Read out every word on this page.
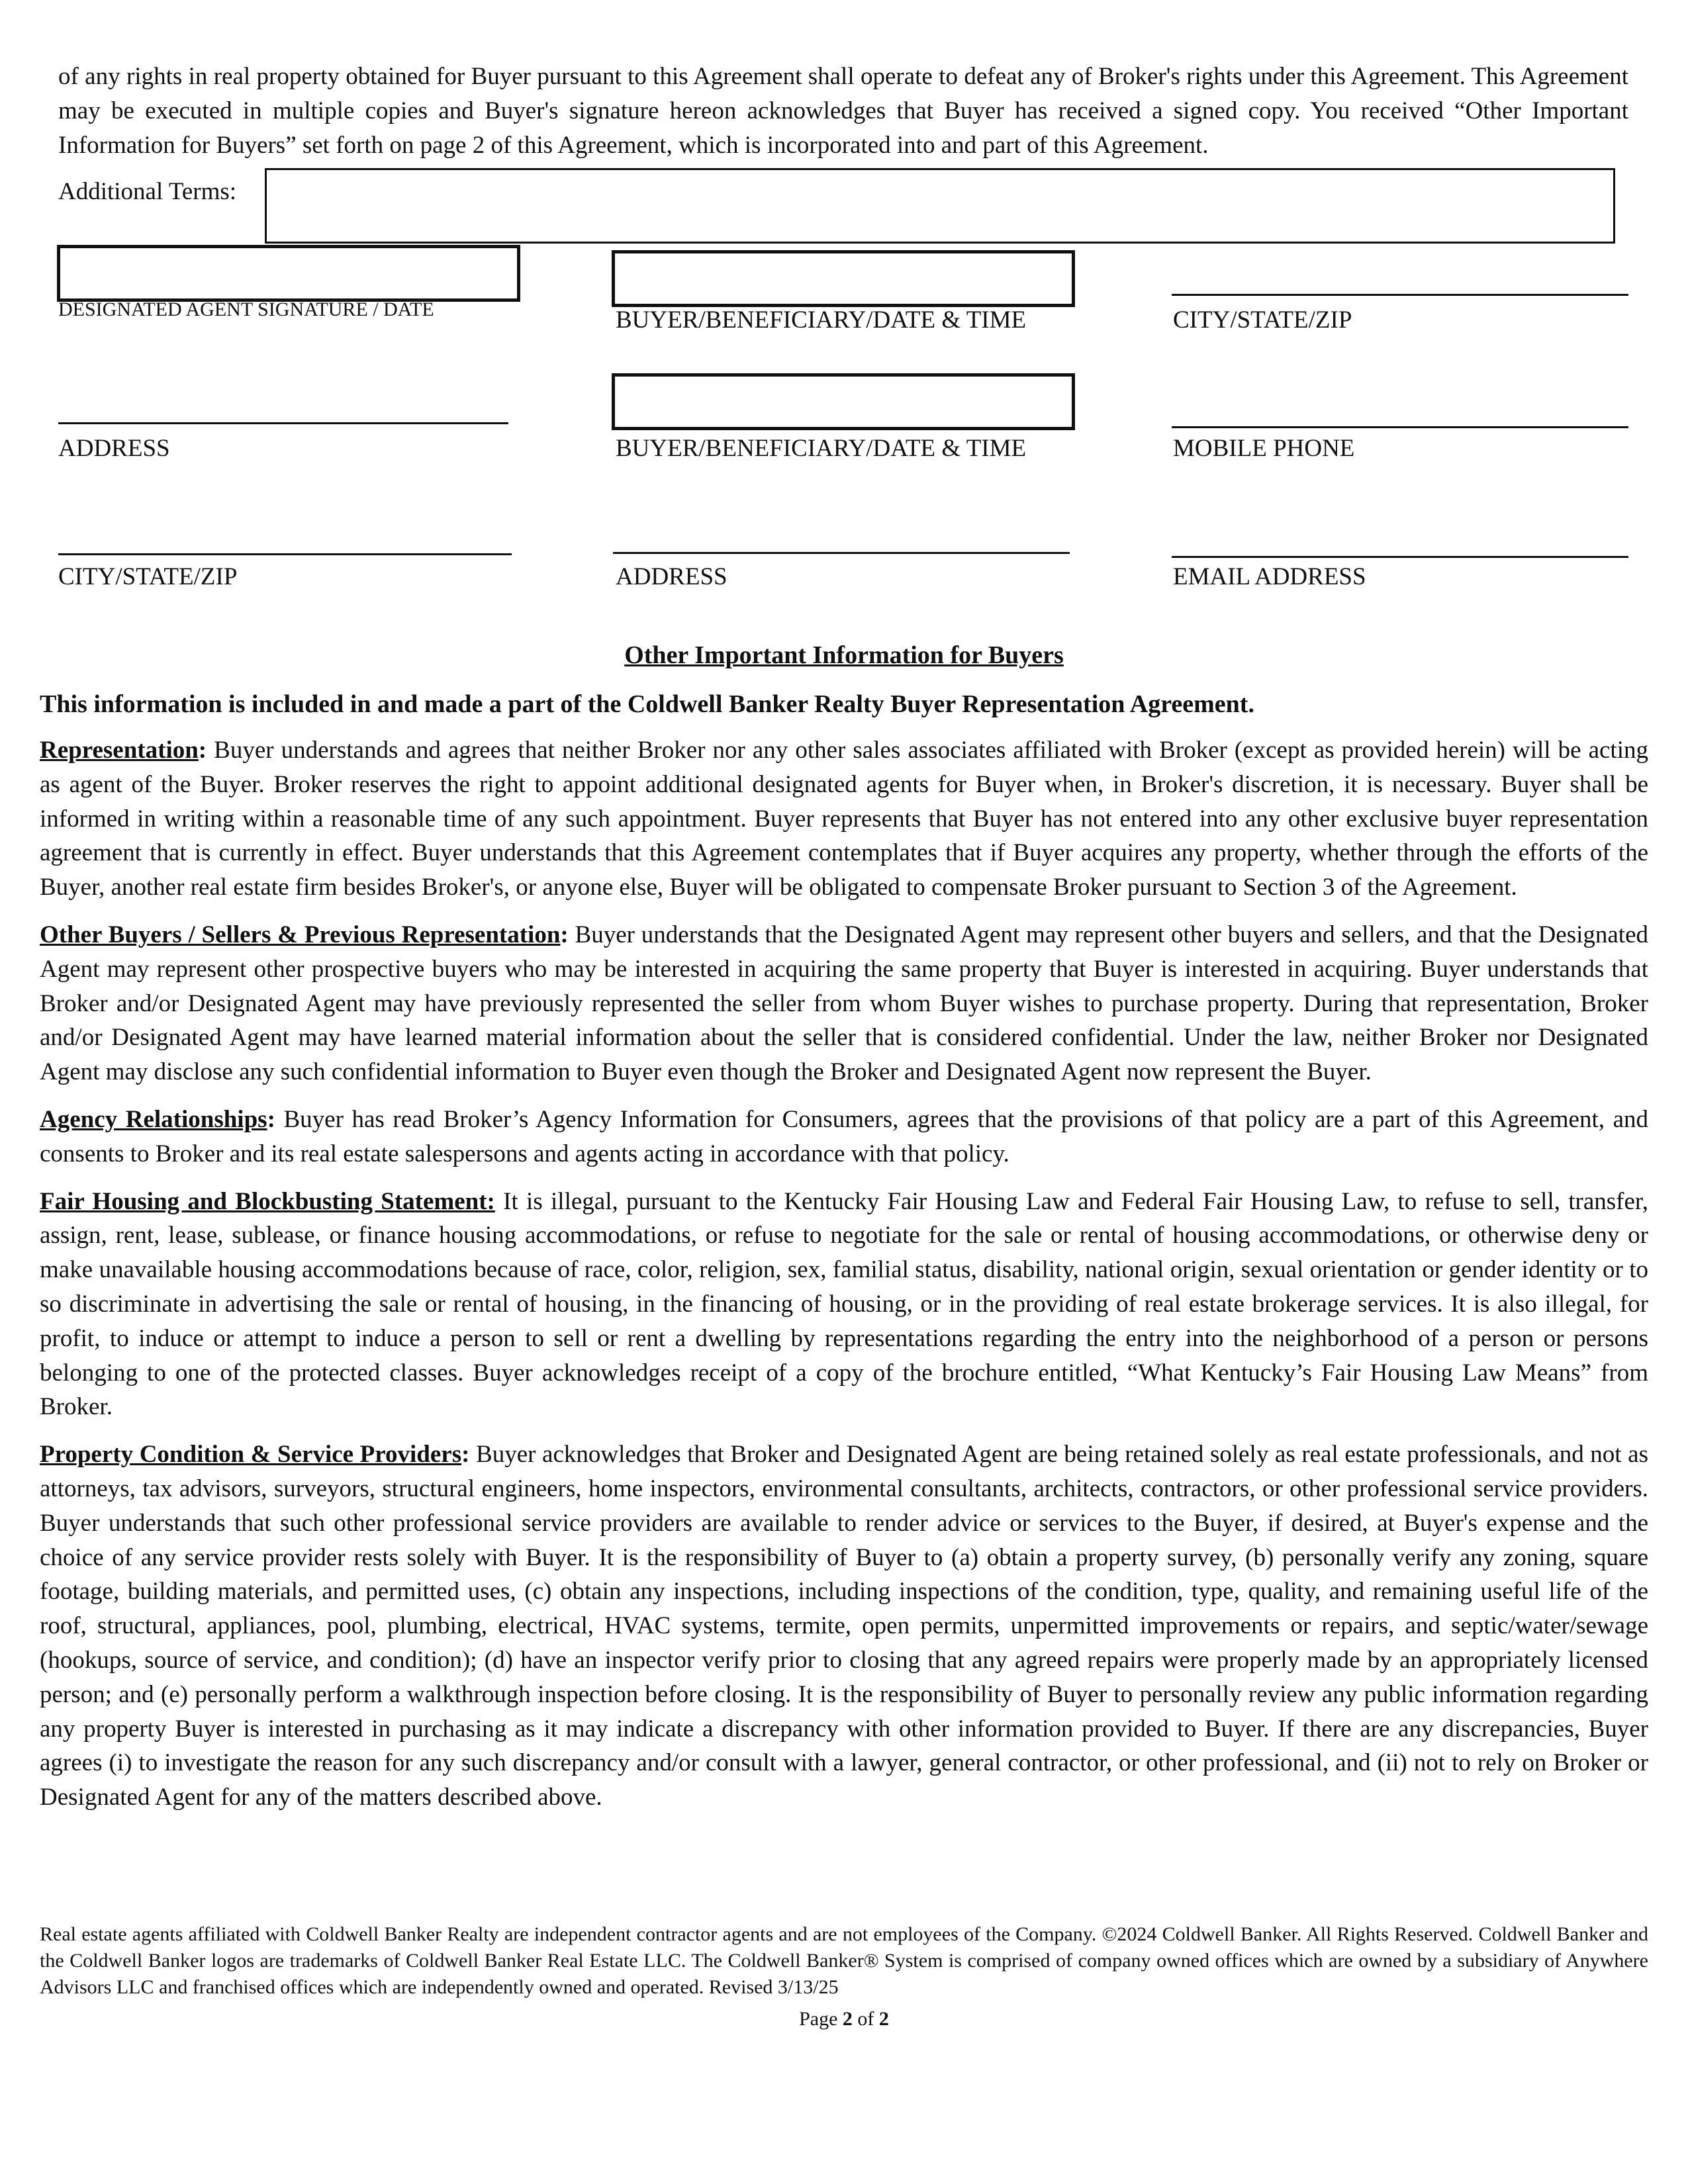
of any rights in real property obtained for Buyer pursuant to this Agreement shall operate to defeat any of Broker's rights under this Agreement. This Agreement may be executed in multiple copies and Buyer's signature hereon acknowledges that Buyer has received a signed copy. You received “Other Important Information for Buyers” set forth on page 2 of this Agreement, which is incorporated into and part of this Agreement.

Additional Terms:
DESIGNATED AGENT SIGNATURE / DATE	BUYER/BENEFICIARY/DATE & TIME	CITY/STATE/ZIP
ADDRESS	BUYER/BENEFICIARY/DATE & TIME	MOBILE PHONE
CITY/STATE/ZIP	ADDRESS	EMAIL ADDRESS
Other Important Information for Buyers
This information is included in and made a part of the Coldwell Banker Realty Buyer Representation Agreement.

Representation: Buyer understands and agrees that neither Broker nor any other sales associates affiliated with Broker (except as provided herein) will be acting as agent of the Buyer. Broker reserves the right to appoint additional designated agents for Buyer when, in Broker's discretion, it is necessary. Buyer shall be informed in writing within a reasonable time of any such appointment. Buyer represents that Buyer has not entered into any other exclusive buyer representation agreement that is currently in effect. Buyer understands that this Agreement contemplates that if Buyer acquires any property, whether through the efforts of the Buyer, another real estate firm besides Broker's, or anyone else, Buyer will be obligated to compensate Broker pursuant to Section 3 of the Agreement.

Other Buyers / Sellers & Previous Representation: Buyer understands that the Designated Agent may represent other buyers and sellers, and that the Designated Agent may represent other prospective buyers who may be interested in acquiring the same property that Buyer is interested in acquiring. Buyer understands that Broker and/or Designated Agent may have previously represented the seller from whom Buyer wishes to purchase property. During that representation, Broker and/or Designated Agent may have learned material information about the seller that is considered confidential. Under the law, neither Broker nor Designated Agent may disclose any such confidential information to Buyer even though the Broker and Designated Agent now represent the Buyer.

Agency Relationships: Buyer has read Broker’s Agency Information for Consumers, agrees that the provisions of that policy are a part of this Agreement, and consents to Broker and its real estate salespersons and agents acting in accordance with that policy.

Fair Housing and Blockbusting Statement: It is illegal, pursuant to the Kentucky Fair Housing Law and Federal Fair Housing Law, to refuse to sell, transfer, assign, rent, lease, sublease, or finance housing accommodations, or refuse to negotiate for the sale or rental of housing accommodations, or otherwise deny or make unavailable housing accommodations because of race, color, religion, sex, familial status, disability, national origin, sexual orientation or gender identity or to so discriminate in advertising the sale or rental of housing, in the financing of housing, or in the providing of real estate brokerage services. It is also illegal, for profit, to induce or attempt to induce a person to sell or rent a dwelling by representations regarding the entry into the neighborhood of a person or persons belonging to one of the protected classes. Buyer acknowledges receipt of a copy of the brochure entitled, “What Kentucky’s Fair Housing Law Means” from Broker.

Property Condition & Service Providers: Buyer acknowledges that Broker and Designated Agent are being retained solely as real estate professionals, and not as attorneys, tax advisors, surveyors, structural engineers, home inspectors, environmental consultants, architects, contractors, or other professional service providers. Buyer understands that such other professional service providers are available to render advice or services to the Buyer, if desired, at Buyer's expense and the choice of any service provider rests solely with Buyer. It is the responsibility of Buyer to (a) obtain a property survey, (b) personally verify any zoning, square footage, building materials, and permitted uses, (c) obtain any inspections, including inspections of the condition, type, quality, and remaining useful life of the roof, structural, appliances, pool, plumbing, electrical, HVAC systems, termite, open permits, unpermitted improvements or repairs, and septic/water/sewage (hookups, source of service, and condition); (d) have an inspector verify prior to closing that any agreed repairs were properly made by an appropriately licensed person; and (e) personally perform a walkthrough inspection before closing. It is the responsibility of Buyer to personally review any public information regarding any property Buyer is interested in purchasing as it may indicate a discrepancy with other information provided to Buyer. If there are any discrepancies, Buyer agrees (i) to investigate the reason for any such discrepancy and/or consult with a lawyer, general contractor, or other professional, and (ii) not to rely on Broker or Designated Agent for any of the matters described above.

Real estate agents affiliated with Coldwell Banker Realty are independent contractor agents and are not employees of the Company. ©2024 Coldwell Banker. All Rights Reserved. Coldwell Banker and the Coldwell Banker logos are trademarks of Coldwell Banker Real Estate LLC. The Coldwell Banker® System is comprised of company owned offices which are owned by a subsidiary of Anywhere Advisors LLC and franchised offices which are independently owned and operated. Revised 3/13/25
Page 2 of 2
